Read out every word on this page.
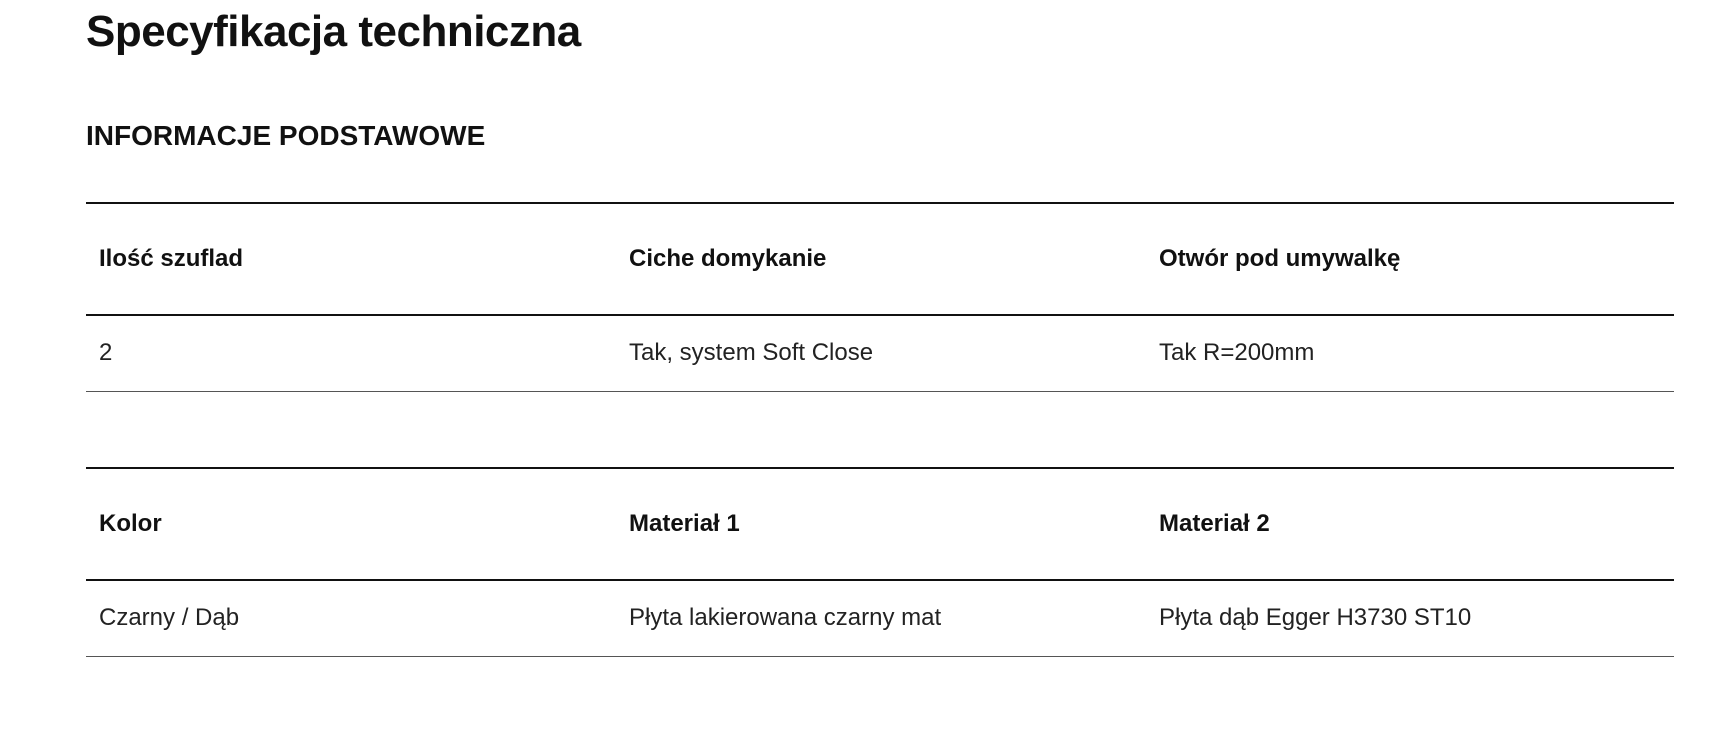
Specyfikacja techniczna
INFORMACJE PODSTAWOWE
Ilość szuflad	Ciche domykanie	Otwór pod umywalkę
2	Tak, system Soft Close	Tak R=200mm
Kolor	Materiał 1	Materiał 2
Czarny / Dąb	Płyta lakierowana czarny mat	Płyta dąb Egger H3730 ST10
